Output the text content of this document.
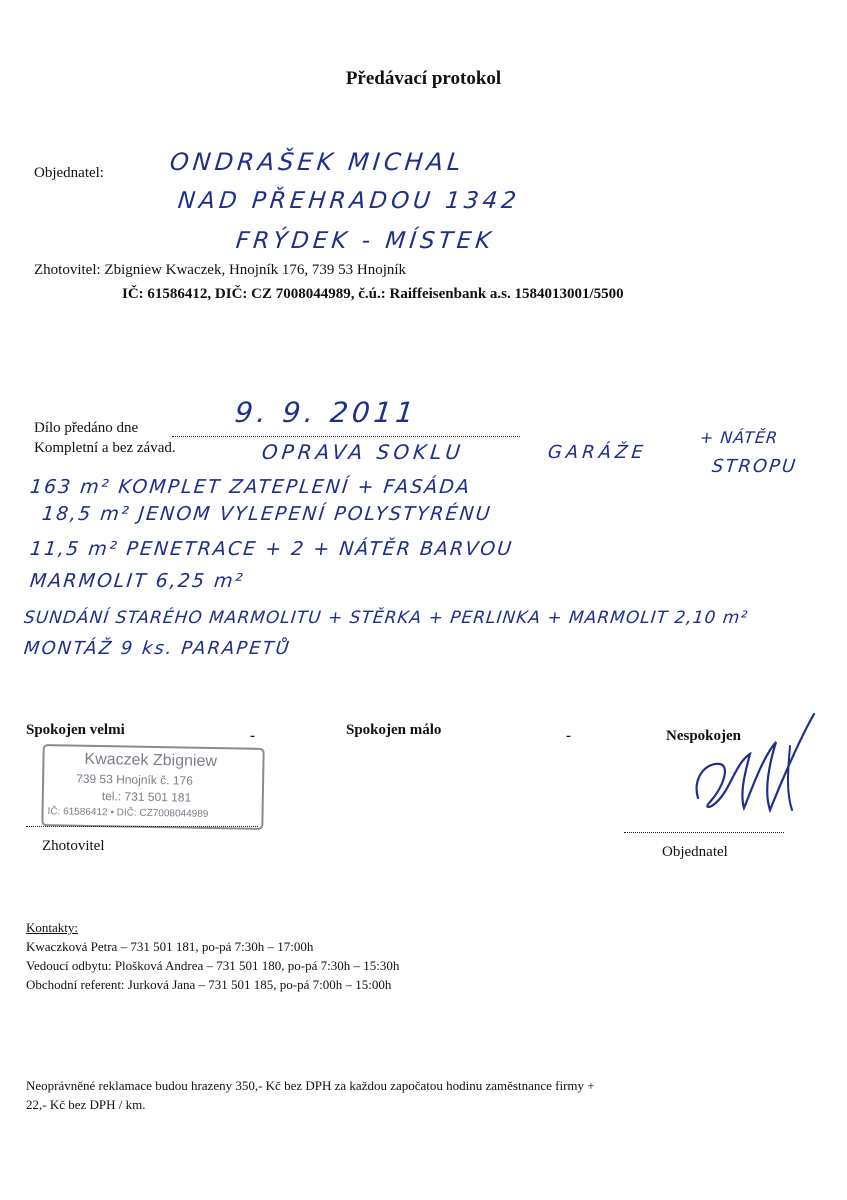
Předávací protokol
Objednatel:	ONDRAŠEK MICHAL
NAD PŘEHRADOU 1342
FRÝDEK - MÍSTEK
Zhotovitel: Zbigniew Kwaczek, Hnojník 176, 739 53 Hnojník
IČ: 61586412, DIČ: CZ 7008044989, č.ú.: Raiffeisenbank a.s. 1584013001/5500
Dílo předáno dne	9. 9. 2011
Kompletní a bez závad.	OPRAVA SOKLU	GARÁŽE
+ NÁTĚR
STROPU
163 m² KOMPLET ZATEPLENÍ + FASÁDA
18,5 m² JENOM VYLEPENÍ POLYSTYRÉNU
11,5 m² PENETRACE + 2 + NÁTĚR BARVOU
MARMOLIT 6,25 m²
SUNDÁNÍ STARÉHO MARMOLITU + STĚRKA + PERLINKA + MARMOLIT 2,10 m²
MONTÁŽ 9 ks. PARAPETŮ
Spokojen velmi	-	Spokojen málo	-	Nespokojen
Kwaczek Zbigniew
739 53 Hnojník č. 176
tel.: 731 501 181
IČ: 61586412 • DIČ: CZ7008044989
Zhotovitel	Objednatel
Kontakty:
Kwaczková Petra – 731 501 181, po-pá 7:30h – 17:00h
Vedoucí odbytu: Plošková Andrea – 731 501 180, po-pá 7:30h – 15:30h
Obchodní referent: Jurková Jana – 731 501 185, po-pá 7:00h – 15:00h
Neoprávněné reklamace budou hrazeny 350,- Kč bez DPH za každou započatou hodinu zaměstnance firmy +
22,- Kč bez DPH / km.
